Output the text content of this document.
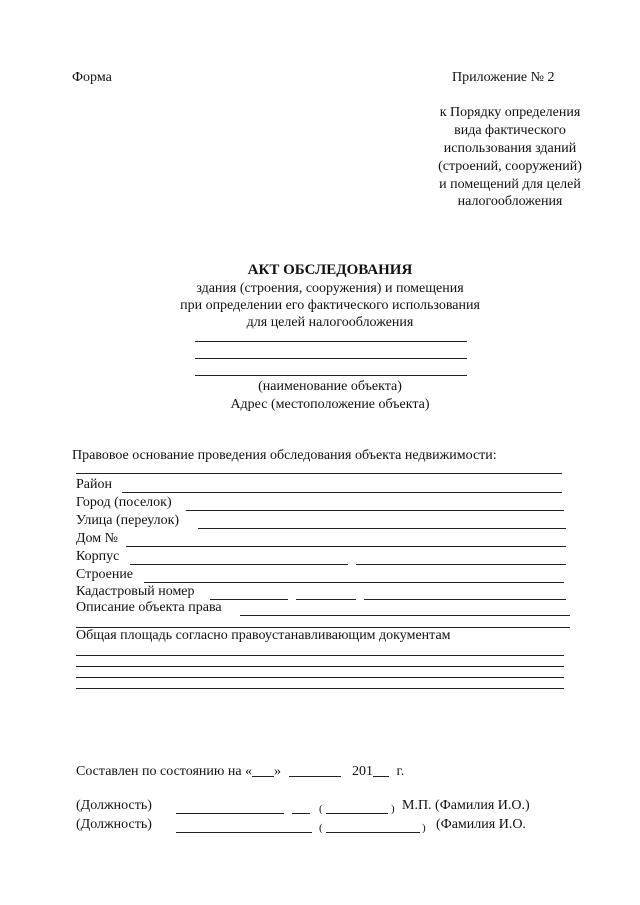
Форма	Приложение № 2
к Порядку определения
вида фактического
использования зданий
(строений, сооружений)
и помещений для целей
налогообложения
АКТ ОБСЛЕДОВАНИЯ
здания (строения, сооружения) и помещения
при определении его фактического использования
для целей налогообложения
(наименование объекта)
Адрес (местоположение объекта)
Правовое основание проведения обследования объекта недвижимости:
Район
Город (поселок)
Улица (переулок)
Дом №
Корпус
Строение
Кадастровый номер
Описание объекта права
Общая площадь согласно правоустанавливающим документам
Составлен по состоянию на « »	201 г.
(Должность)	(	) М.П. (Фамилия И.О.)
(Должность)	(	) (Фамилия И.О.
